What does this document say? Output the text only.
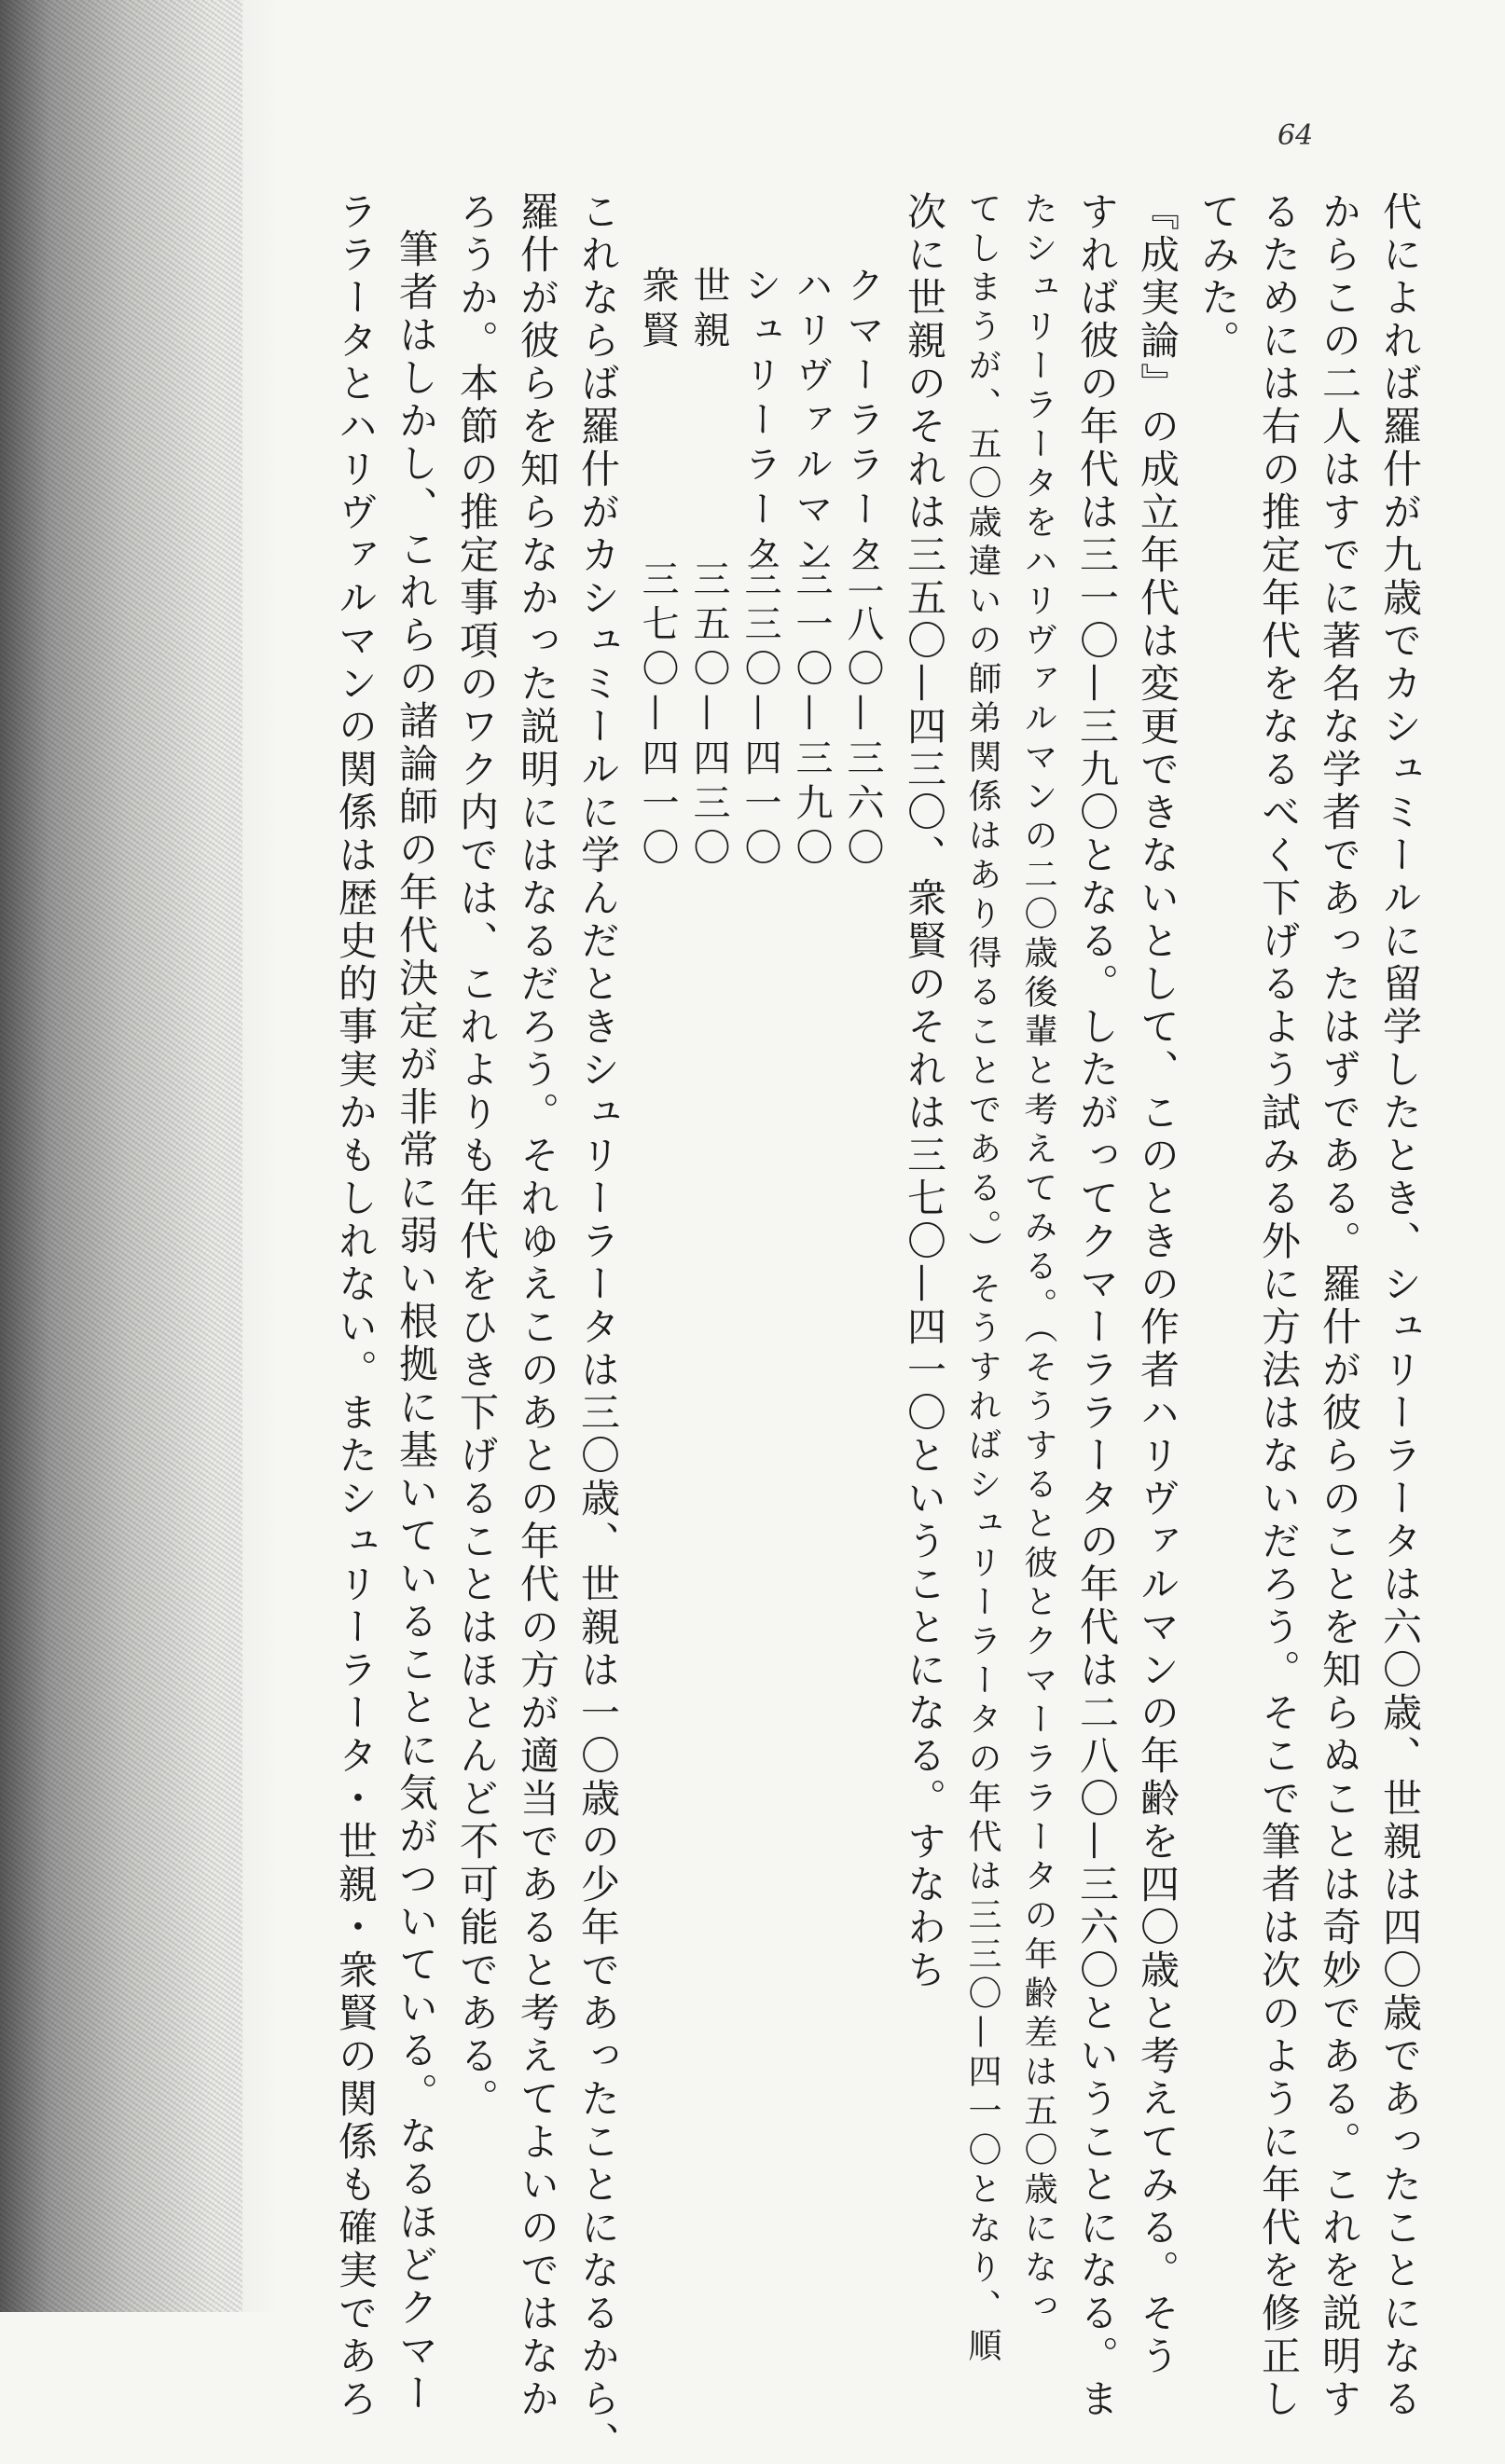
64
代によれば羅什が九歳でカシュミールに留学したとき、シュリーラータは六〇歳、世親は四〇歳であったことになる
からこの二人はすでに著名な学者であったはずである。羅什が彼らのことを知らぬことは奇妙である。これを説明す
るためには右の推定年代をなるべく下げるよう試みる外に方法はないだろう。そこで筆者は次のように年代を修正し
てみた。
『成実論』の成立年代は変更できないとして、このときの作者ハリヴァルマンの年齢を四〇歳と考えてみる。そう
すれば彼の年代は三一〇—三九〇となる。したがってクマーララータの年代は二八〇—三六〇ということになる。ま
たシュリーラータをハリヴァルマンの二〇歳後輩と考えてみる。（そうすると彼とクマーララータの年齢差は五〇歳になっ
てしまうが、五〇歳違いの師弟関係はあり得ることである。）そうすればシュリーラータの年代は三三〇—四一〇となり、順
次に世親のそれは三五〇—四三〇、衆賢のそれは三七〇—四一〇ということになる。すなわち
クマーララータ
二八〇—三六〇
ハリヴァルマン
三一〇—三九〇
シュリーラータ
三三〇—四一〇
世親
三五〇—四三〇
衆賢
三七〇—四一〇
これならば羅什がカシュミールに学んだときシュリーラータは三〇歳、世親は一〇歳の少年であったことになるから、
羅什が彼らを知らなかった説明にはなるだろう。それゆえこのあとの年代の方が適当であると考えてよいのではなか
ろうか。本節の推定事項のワク内では、これよりも年代をひき下げることはほとんど不可能である。
筆者はしかし、これらの諸論師の年代決定が非常に弱い根拠に基いていることに気がついている。なるほどクマー
ララータとハリヴァルマンの関係は歴史的事実かもしれない。またシュリーラータ・世親・衆賢の関係も確実であろ
